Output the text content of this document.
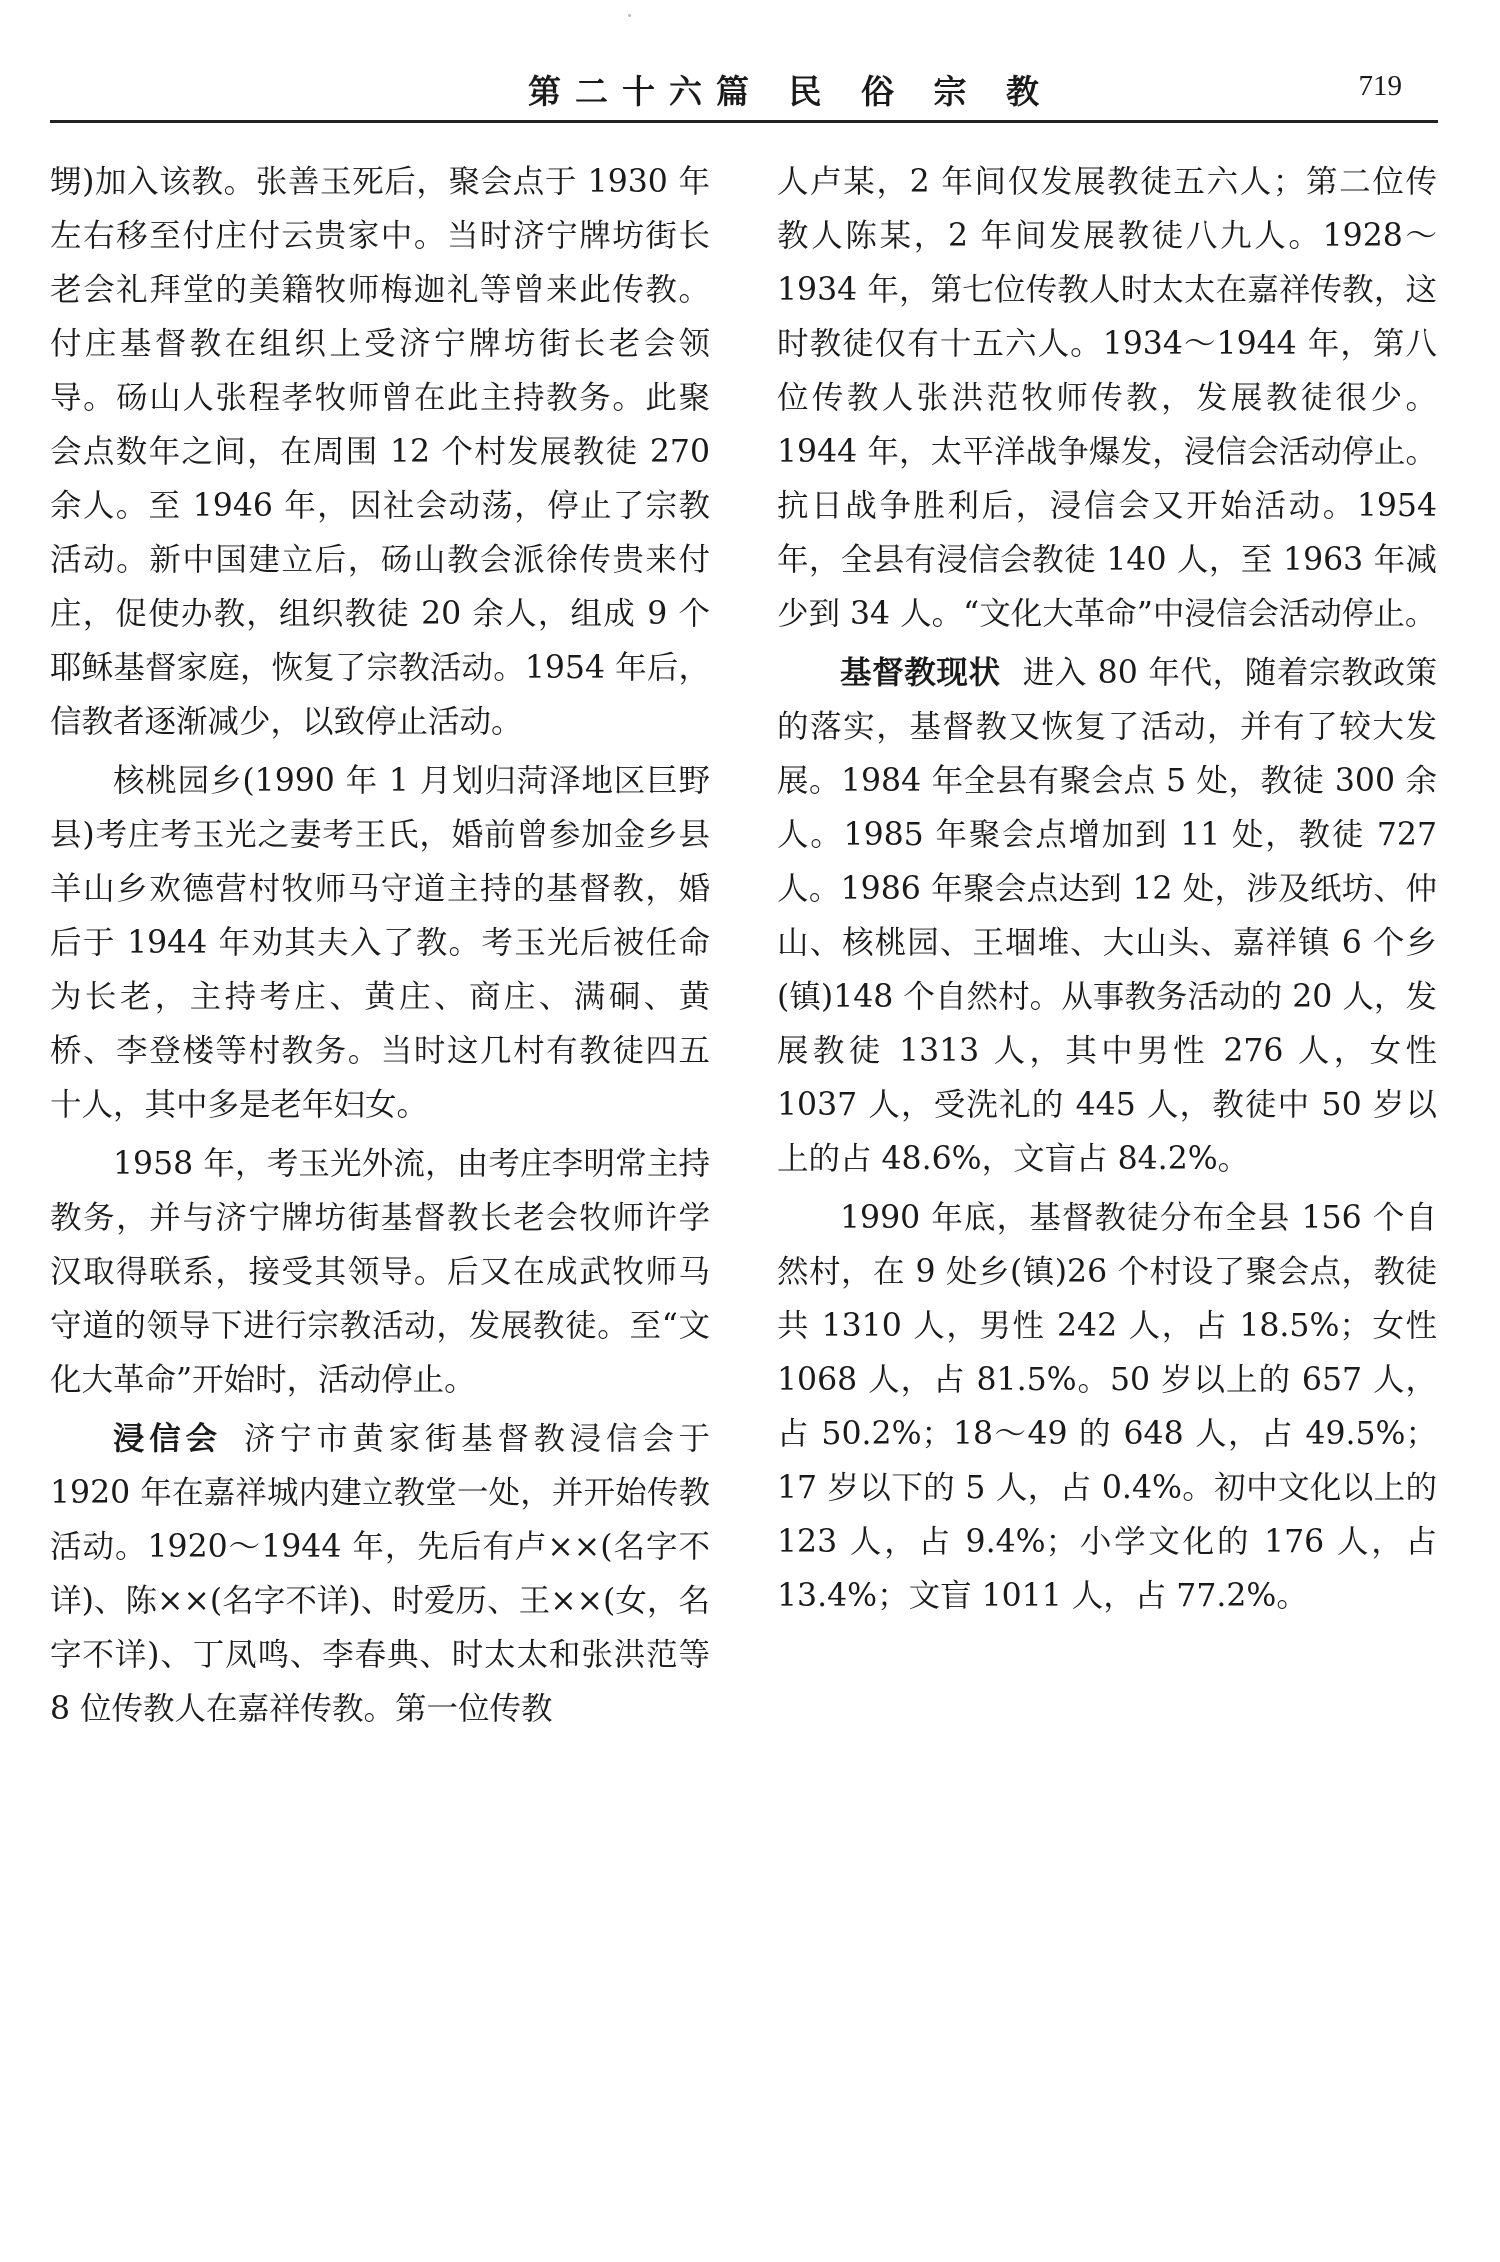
第二十六篇 民 俗 宗 教	719

甥)加入该教。张善玉死后，聚会点于 1930 年左右移至付庄付云贵家中。当时济宁牌坊街长老会礼拜堂的美籍牧师梅迦礼等曾来此传教。付庄基督教在组织上受济宁牌坊街长老会领导。砀山人张程孝牧师曾在此主持教务。此聚会点数年之间，在周围 12 个村发展教徒 270 余人。至 1946 年，因社会动荡，停止了宗教活动。新中国建立后，砀山教会派徐传贵来付庄，促使办教，组织教徒 20 余人，组成 9 个耶稣基督家庭，恢复了宗教活动。1954 年后，信教者逐渐减少，以致停止活动。

核桃园乡(1990 年 1 月划归菏泽地区巨野县)考庄考玉光之妻考王氏，婚前曾参加金乡县羊山乡欢德营村牧师马守道主持的基督教，婚后于 1944 年劝其夫入了教。考玉光后被任命为长老，主持考庄、黄庄、商庄、满硐、黄桥、李登楼等村教务。当时这几村有教徒四五十人，其中多是老年妇女。

1958 年，考玉光外流，由考庄李明常主持教务，并与济宁牌坊街基督教长老会牧师许学汉取得联系，接受其领导。后又在成武牧师马守道的领导下进行宗教活动，发展教徒。至“文化大革命”开始时，活动停止。

浸信会 济宁市黄家街基督教浸信会于 1920 年在嘉祥城内建立教堂一处，并开始传教活动。1920～1944 年，先后有卢××(名字不详)、陈××(名字不详)、时爱历、王××(女，名字不详)、丁凤鸣、李春典、时太太和张洪范等 8 位传教人在嘉祥传教。第一位传教

人卢某，2 年间仅发展教徒五六人；第二位传教人陈某，2 年间发展教徒八九人。1928～1934 年，第七位传教人时太太在嘉祥传教，这时教徒仅有十五六人。1934～1944 年，第八位传教人张洪范牧师传教，发展教徒很少。1944 年，太平洋战争爆发，浸信会活动停止。抗日战争胜利后，浸信会又开始活动。1954 年，全县有浸信会教徒 140 人，至 1963 年减少到 34 人。“文化大革命”中浸信会活动停止。

基督教现状 进入 80 年代，随着宗教政策的落实，基督教又恢复了活动，并有了较大发展。1984 年全县有聚会点 5 处，教徒 300 余人。1985 年聚会点增加到 11 处，教徒 727 人。1986 年聚会点达到 12 处，涉及纸坊、仲山、核桃园、王堌堆、大山头、嘉祥镇 6 个乡(镇)148 个自然村。从事教务活动的 20 人，发展教徒 1313 人，其中男性 276 人，女性 1037 人，受洗礼的 445 人，教徒中 50 岁以上的占 48.6%，文盲占 84.2%。

1990 年底，基督教徒分布全县 156 个自然村，在 9 处乡(镇)26 个村设了聚会点，教徒共 1310 人，男性 242 人，占 18.5%；女性 1068 人，占 81.5%。50 岁以上的 657 人，占 50.2%；18～49 的 648 人，占 49.5%；17 岁以下的 5 人，占 0.4%。初中文化以上的 123 人，占 9.4%；小学文化的 176 人，占 13.4%；文盲 1011 人，占 77.2%。
